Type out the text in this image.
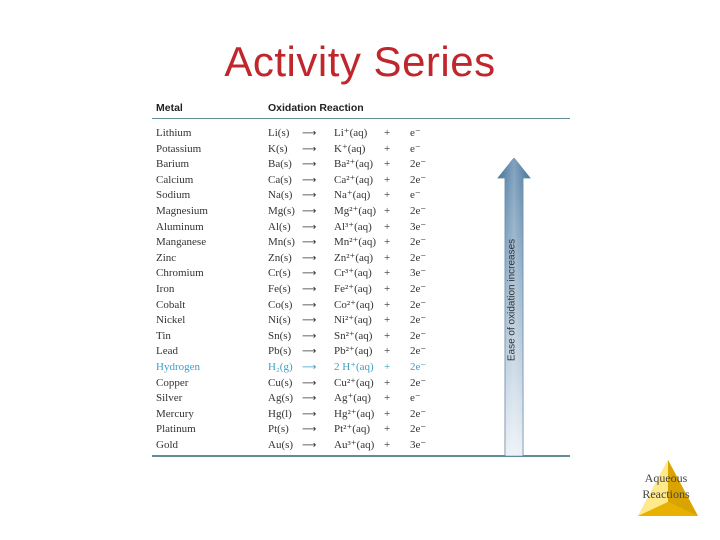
Activity Series
Metal	Oxidation Reaction
Lithium	Li(s) ⟶ Li⁺(aq) + e⁻
Potassium	K(s) ⟶ K⁺(aq) + e⁻
Barium	Ba(s) ⟶ Ba²⁺(aq) + 2e⁻
Calcium	Ca(s) ⟶ Ca²⁺(aq) + 2e⁻
Sodium	Na(s) ⟶ Na⁺(aq) + e⁻
Magnesium	Mg(s) ⟶ Mg²⁺(aq) + 2e⁻
Aluminum	Al(s) ⟶ Al³⁺(aq) + 3e⁻
Manganese	Mn(s) ⟶ Mn²⁺(aq) + 2e⁻
Zinc	Zn(s) ⟶ Zn²⁺(aq) + 2e⁻
Chromium	Cr(s) ⟶ Cr³⁺(aq) + 3e⁻
Iron	Fe(s) ⟶ Fe²⁺(aq) + 2e⁻
Cobalt	Co(s) ⟶ Co²⁺(aq) + 2e⁻
Nickel	Ni(s) ⟶ Ni²⁺(aq) + 2e⁻
Tin	Sn(s) ⟶ Sn²⁺(aq) + 2e⁻
Lead	Pb(s) ⟶ Pb²⁺(aq) + 2e⁻
Hydrogen	H₂(g) ⟶ 2 H⁺(aq) + 2e⁻
Copper	Cu(s) ⟶ Cu²⁺(aq) + 2e⁻
Silver	Ag(s) ⟶ Ag⁺(aq) + e⁻
Mercury	Hg(l) ⟶ Hg²⁺(aq) + 2e⁻
Platinum	Pt(s) ⟶ Pt²⁺(aq) + 2e⁻
Gold	Au(s) ⟶ Au³⁺(aq) + 3e⁻
Ease of oxidation increases
Aqueous Reactions
